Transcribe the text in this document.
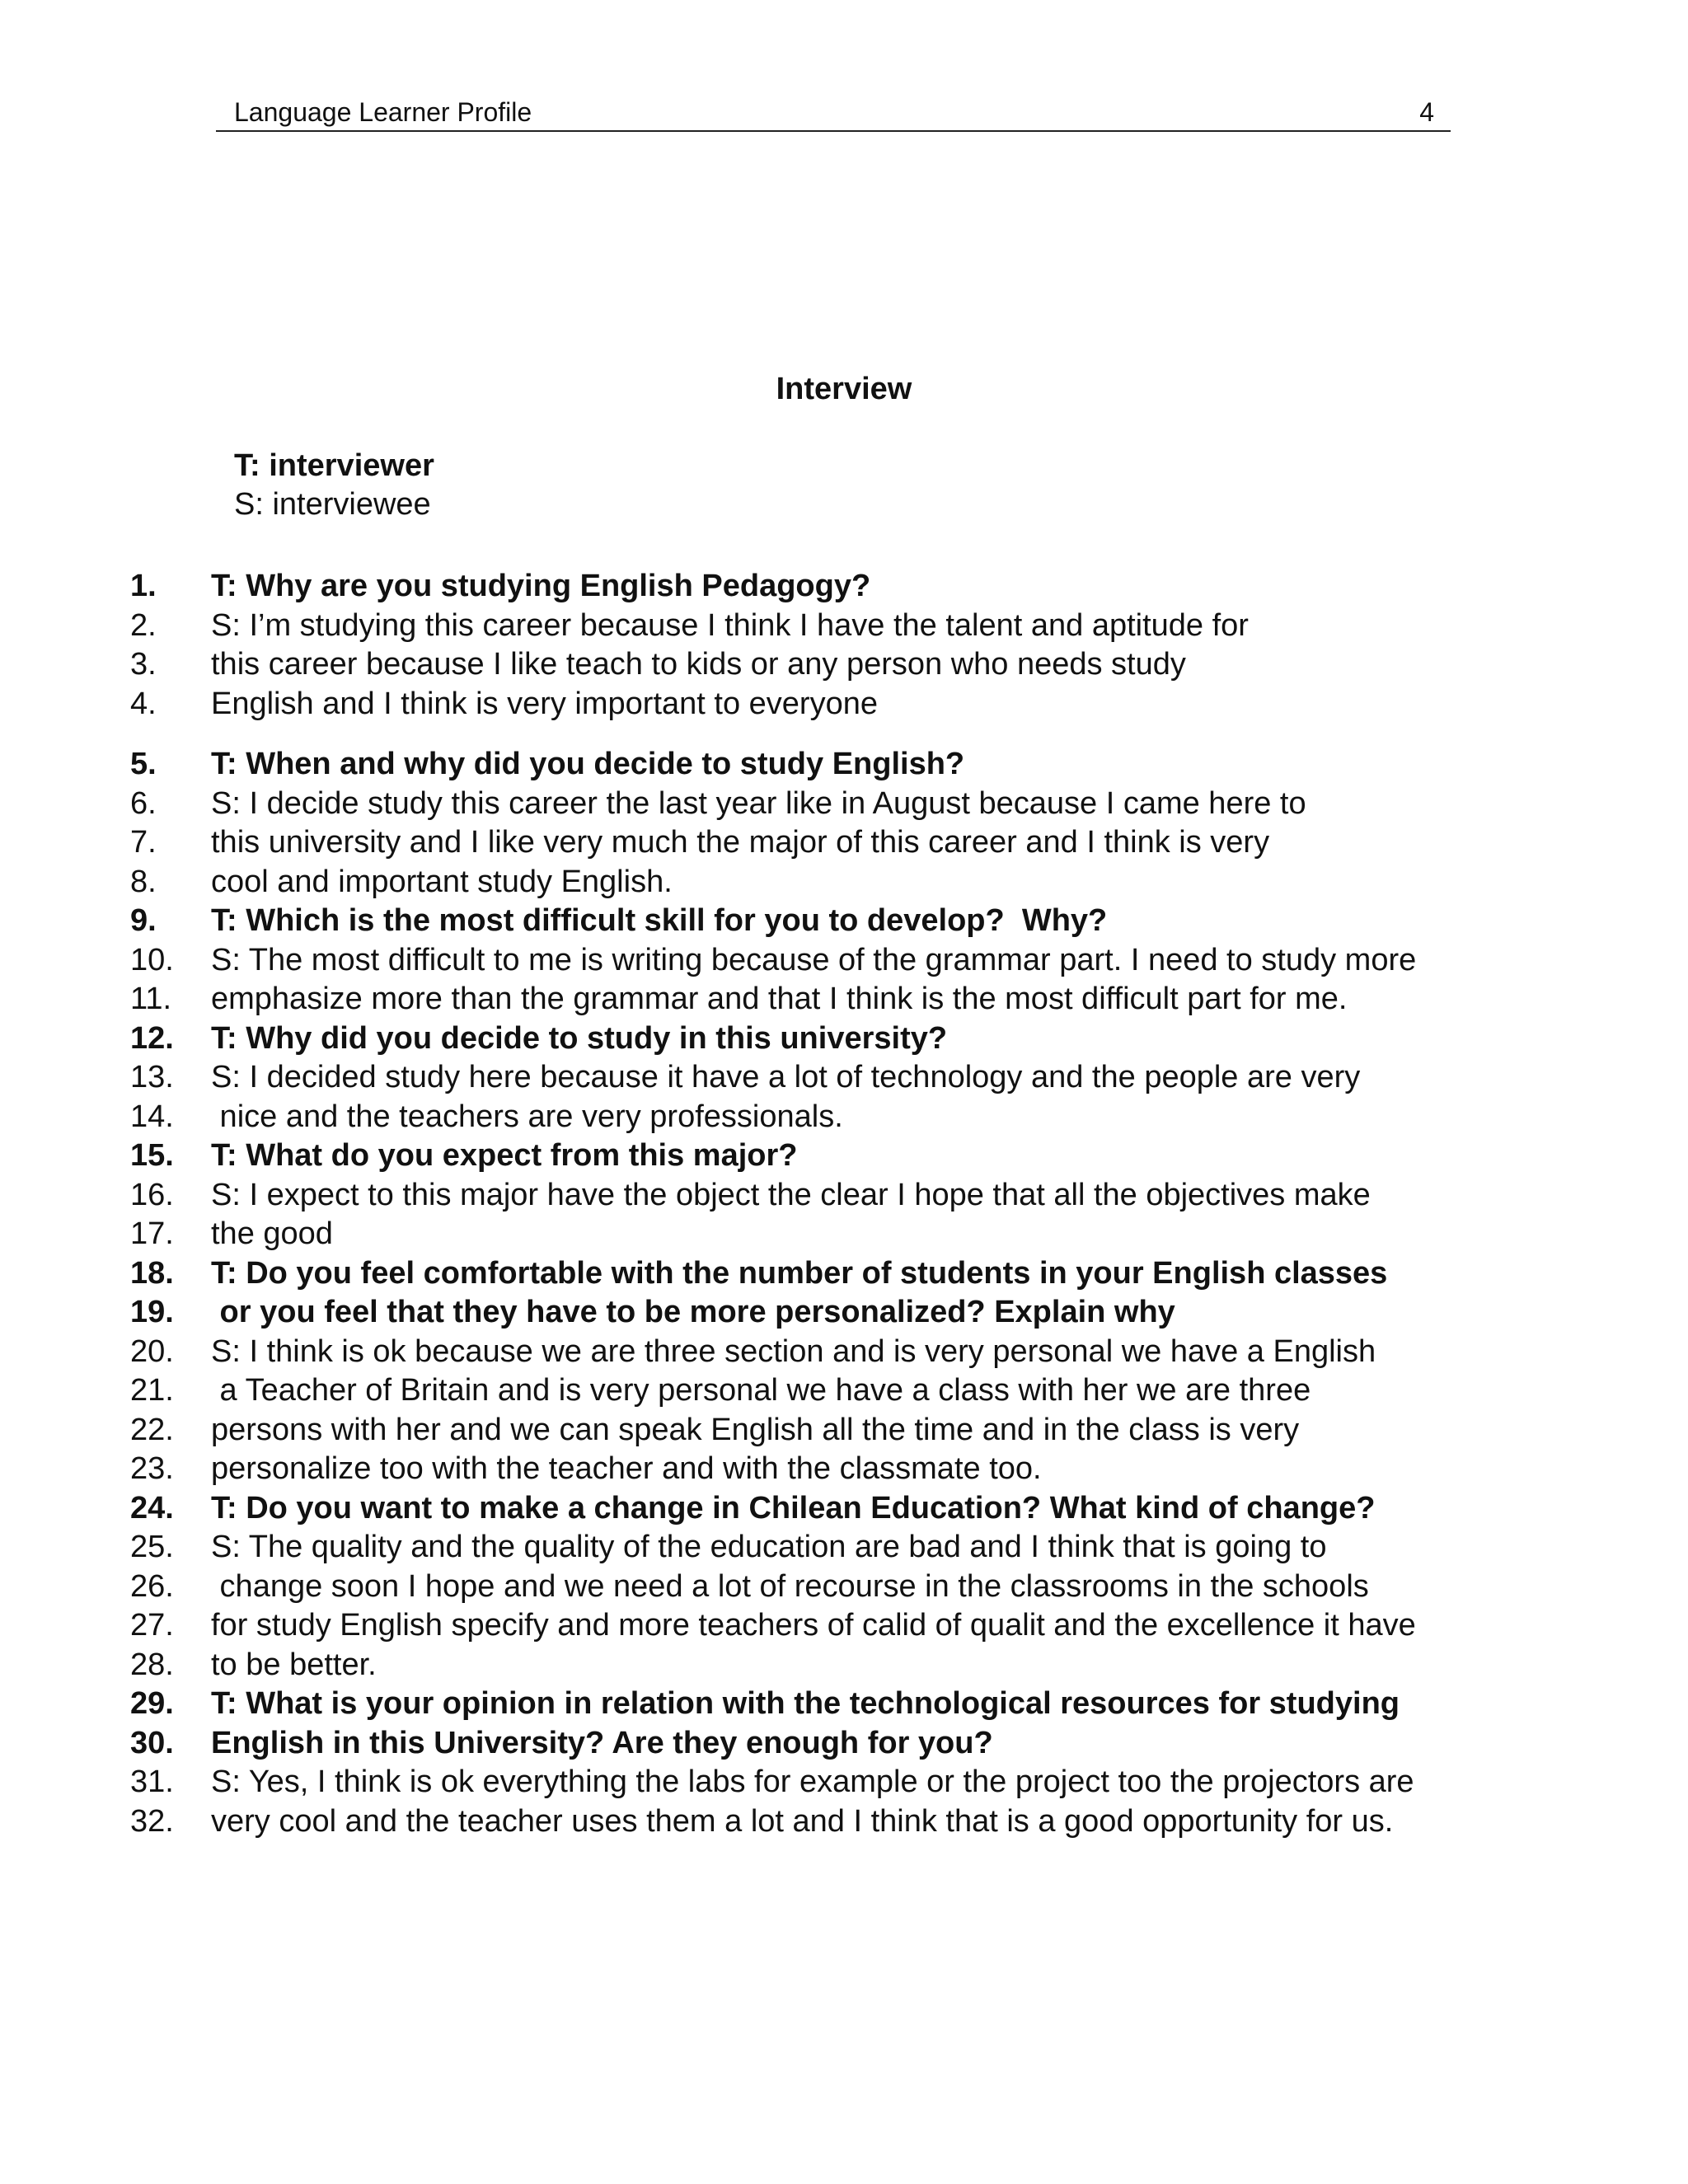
Language Learner Profile	4
Interview
T: interviewer
S: interviewee
1.	T: Why are you studying English Pedagogy?
2.	S: I’m studying this career because I think I have the talent and aptitude for
3.	this career because I like teach to kids or any person who needs study
4.	English and I think is very important to everyone
5.	T: When and why did you decide to study English?
6.	S: I decide study this career the last year like in August because I came here to
7.	this university and I like very much the major of this career and I think is very
8.	cool and important study English.
9.	T: Which is the most difficult skill for you to develop?  Why?
10.	S: The most difficult to me is writing because of the grammar part. I need to study more
11.	emphasize more than the grammar and that I think is the most difficult part for me.
12.	T: Why did you decide to study in this university?
13.	S: I decided study here because it have a lot of technology and the people are very
14.	nice and the teachers are very professionals.
15.	T: What do you expect from this major?
16.	S: I expect to this major have the object the clear I hope that all the objectives make
17.	the good
18.	T: Do you feel comfortable with the number of students in your English classes
19.	or you feel that they have to be more personalized? Explain why
20.	S: I think is ok because we are three section and is very personal we have a English
21.	a Teacher of Britain and is very personal we have a class with her we are three
22.	persons with her and we can speak English all the time and in the class is very
23.	personalize too with the teacher and with the classmate too.
24.	T: Do you want to make a change in Chilean Education? What kind of change?
25.	S: The quality and the quality of the education are bad and I think that is going to
26.	change soon I hope and we need a lot of recourse in the classrooms in the schools
27.	for study English specify and more teachers of calid of qualit and the excellence it have
28.	to be better.
29.	T: What is your opinion in relation with the technological resources for studying
30.	English in this University? Are they enough for you?
31.	S: Yes, I think is ok everything the labs for example or the project too the projectors are
32.	very cool and the teacher uses them a lot and I think that is a good opportunity for us.
